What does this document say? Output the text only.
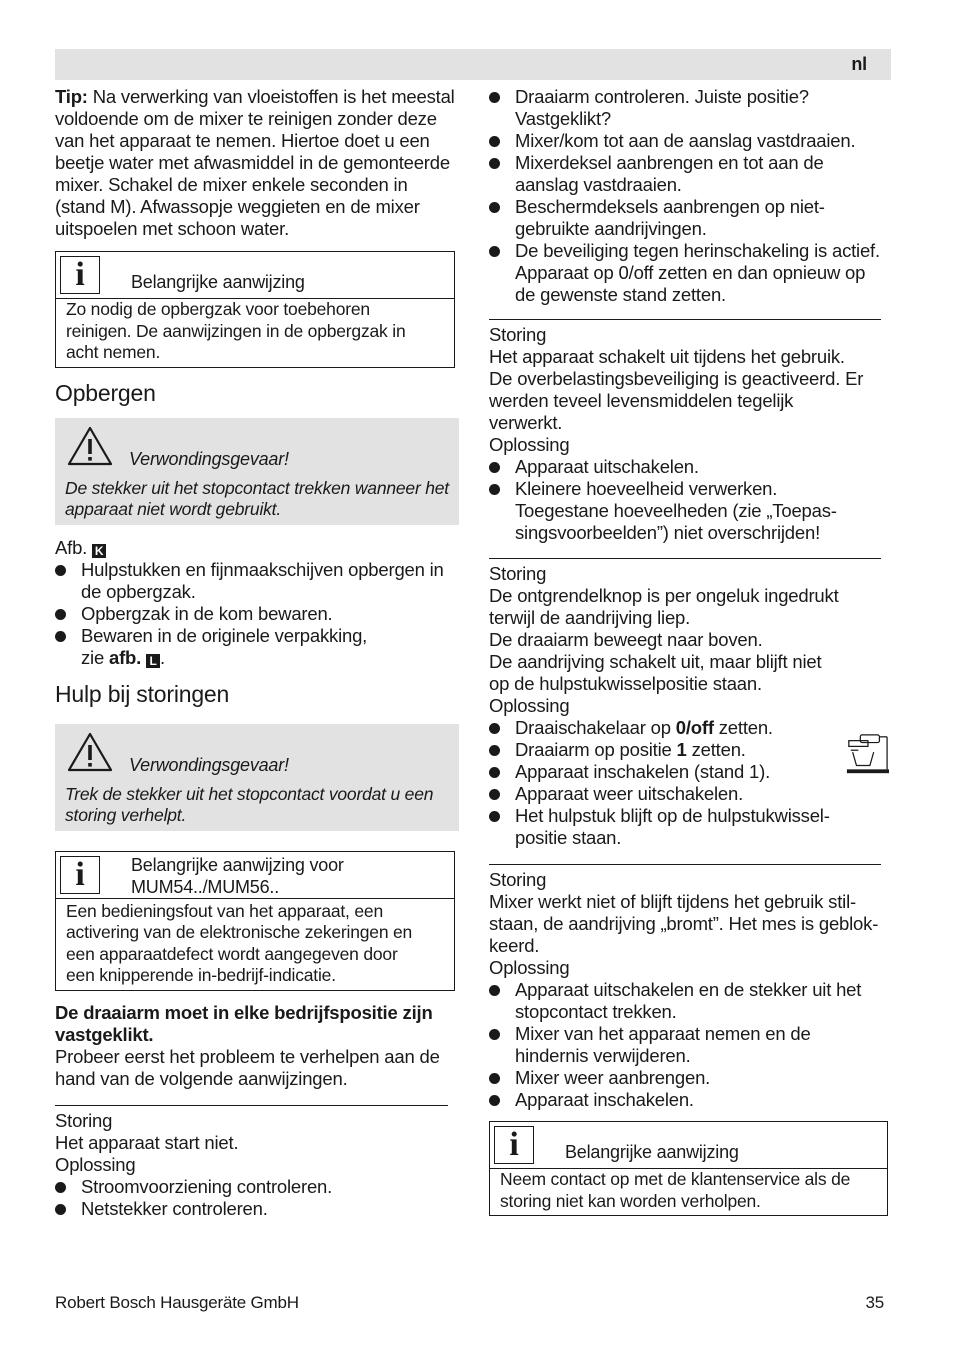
nl

Tip: Na verwerking van vloeistoffen is het meestal voldoende om de mixer te reinigen zonder deze van het apparaat te nemen. Hiertoe doet u een beetje water met afwasmiddel in de gemonteerde mixer. Schakel de mixer enkele seconden in (stand M). Afwassopje weggieten en de mixer uitspoelen met schoon water.

i	Belangrijke aanwijzing
Zo nodig de opbergzak voor toebehoren reinigen. De aanwijzingen in de opbergzak in acht nemen.
Opbergen
Verwondingsgevaar!
De stekker uit het stopcontact trekken wanneer het apparaat niet wordt gebruikt.

Afb. K

Hulpstukken en fijnmaakschijven opbergen in de opbergzak.
Opbergzak in de kom bewaren.
Bewaren in de originele verpakking, zie afb. L .
Hulp bij storingen
Verwondingsgevaar!
Trek de stekker uit het stopcontact voordat u een storing verhelpt.
i	Belangrijke aanwijzing voor MUM54../MUM56..
Een bedieningsfout van het apparaat, een activering van de elektronische zekeringen en een apparaatdefect wordt aangegeven door een knipperende in-bedrijf-indicatie.

De draaiarm moet in elke bedrijfspositie zijn vastgeklikt.

Probeer eerst het probleem te verhelpen aan de hand van de volgende aanwijzingen.

Storing

Het apparaat start niet.

Oplossing

Stroomvoorziening controleren.
Netstekker controleren.
Draaiarm controleren. Juiste positie? Vastgeklikt?
Mixer/kom tot aan de aanslag vastdraaien.
Mixerdeksel aanbrengen en tot aan de aanslag vastdraaien.
Beschermdeksels aanbrengen op niet-gebruikte aandrijvingen.
De beveiliging tegen herinschakeling is actief. Apparaat op 0/off zetten en dan opnieuw op de gewenste stand zetten.

Storing

Het apparaat schakelt uit tijdens het gebruik. De overbelastingsbeveiliging is geactiveerd. Er werden teveel levensmiddelen tegelijk verwerkt.

Oplossing

Apparaat uitschakelen.
Kleinere hoeveelheid verwerken. Toegestane hoeveelheden (zie „Toepas-singsvoorbeelden”) niet overschrijden!

Storing

De ontgrendelknop is per ongeluk ingedrukt terwijl de aandrijving liep.

De draaiarm beweegt naar boven.

De aandrijving schakelt uit, maar blijft niet op de hulpstukwisselpositie staan.

Oplossing

Draaischakelaar op 0/off zetten.
Draaiarm op positie 1 zetten.
Apparaat inschakelen (stand 1).
Apparaat weer uitschakelen.
Het hulpstuk blijft op de hulpstukwissel-positie staan.

Storing

Mixer werkt niet of blijft tijdens het gebruik stil-staan, de aandrijving „bromt”. Het mes is geblok-keerd.

Oplossing

Apparaat uitschakelen en de stekker uit het stopcontact trekken.
Mixer van het apparaat nemen en de hindernis verwijderen.
Mixer weer aanbrengen.
Apparaat inschakelen.
i	Belangrijke aanwijzing
Neem contact op met de klantenservice als de storing niet kan worden verholpen.
Robert Bosch Hausgeräte GmbH	35
